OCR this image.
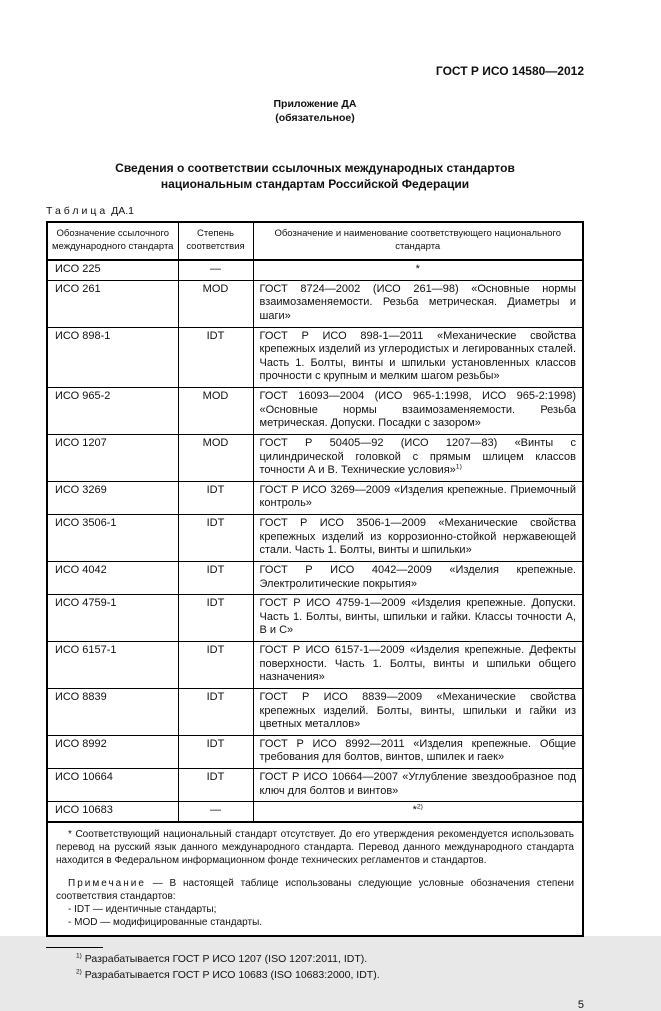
ГОСТ Р ИСО 14580—2012
Приложение ДА
(обязательное)
Сведения о соответствии ссылочных международных стандартов
национальным стандартам Российской Федерации
Таблица ДА.1
Обозначение ссылочного международного стандарта	Степень соответствия	Обозначение и наименование соответствующего национального стандарта
ИСО 225	—	*
ИСО 261	MOD	ГОСТ 8724—2002 (ИСО 261—98) «Основные нормы взаимозаменяемости. Резьба метрическая. Диаметры и шаги»
ИСО 898-1	IDT	ГОСТ Р ИСО 898-1—2011 «Механические свойства крепежных изделий из углеродистых и легированных сталей. Часть 1. Болты, винты и шпильки установленных классов прочности с крупным и мелким шагом резьбы»
ИСО 965-2	MOD	ГОСТ 16093—2004 (ИСО 965-1:1998, ИСО 965-2:1998) «Основные нормы взаимозаменяемости. Резьба метрическая. Допуски. Посадки с зазором»
ИСО 1207	MOD	ГОСТ Р 50405—92 (ИСО 1207—83) «Винты с цилиндрической головкой с прямым шлицем классов точности А и В. Технические условия»$^{1)}$
ИСО 3269	IDT	ГОСТ Р ИСО 3269—2009 «Изделия крепежные. Приемочный контроль»
ИСО 3506-1	IDT	ГОСТ Р ИСО 3506-1—2009 «Механические свойства крепежных изделий из коррозионно-стойкой нержавеющей стали. Часть 1. Болты, винты и шпильки»
ИСО 4042	IDT	ГОСТ Р ИСО 4042—2009 «Изделия крепежные. Электролитические покрытия»
ИСО 4759-1	IDT	ГОСТ Р ИСО 4759-1—2009 «Изделия крепежные. Допуски. Часть 1. Болты, винты, шпильки и гайки. Классы точности А, В и С»
ИСО 6157-1	IDT	ГОСТ Р ИСО 6157-1—2009 «Изделия крепежные. Дефекты поверхности. Часть 1. Болты, винты и шпильки общего назначения»
ИСО 8839	IDT	ГОСТ Р ИСО 8839—2009 «Механические свойства крепежных изделий. Болты, винты, шпильки и гайки из цветных металлов»
ИСО 8992	IDT	ГОСТ Р ИСО 8992—2011 «Изделия крепежные. Общие требования для болтов, винтов, шпилек и гаек»
ИСО 10664	IDT	ГОСТ Р ИСО 10664—2007 «Углубление звездообразное под ключ для болтов и винтов»
ИСО 10683	—	*$^{2)}$

* Соответствующий национальный стандарт отсутствует. До его утверждения рекомендуется использовать перевод на русский язык данного международного стандарта. Перевод данного международного стандарта находится в Федеральном информационном фонде технических регламентов и стандартов.

Примечание — В настоящей таблице использованы следующие условные обозначения степени соответствия стандартов:

- IDT — идентичные стандарты;
- MOD — модифицированные стандарты.		
$^{1)}$ Разрабатывается ГОСТ Р ИСО 1207 (ISO 1207:2011, IDT).
$^{2)}$ Разрабатывается ГОСТ Р ИСО 10683 (ISO 10683:2000, IDT).
5
